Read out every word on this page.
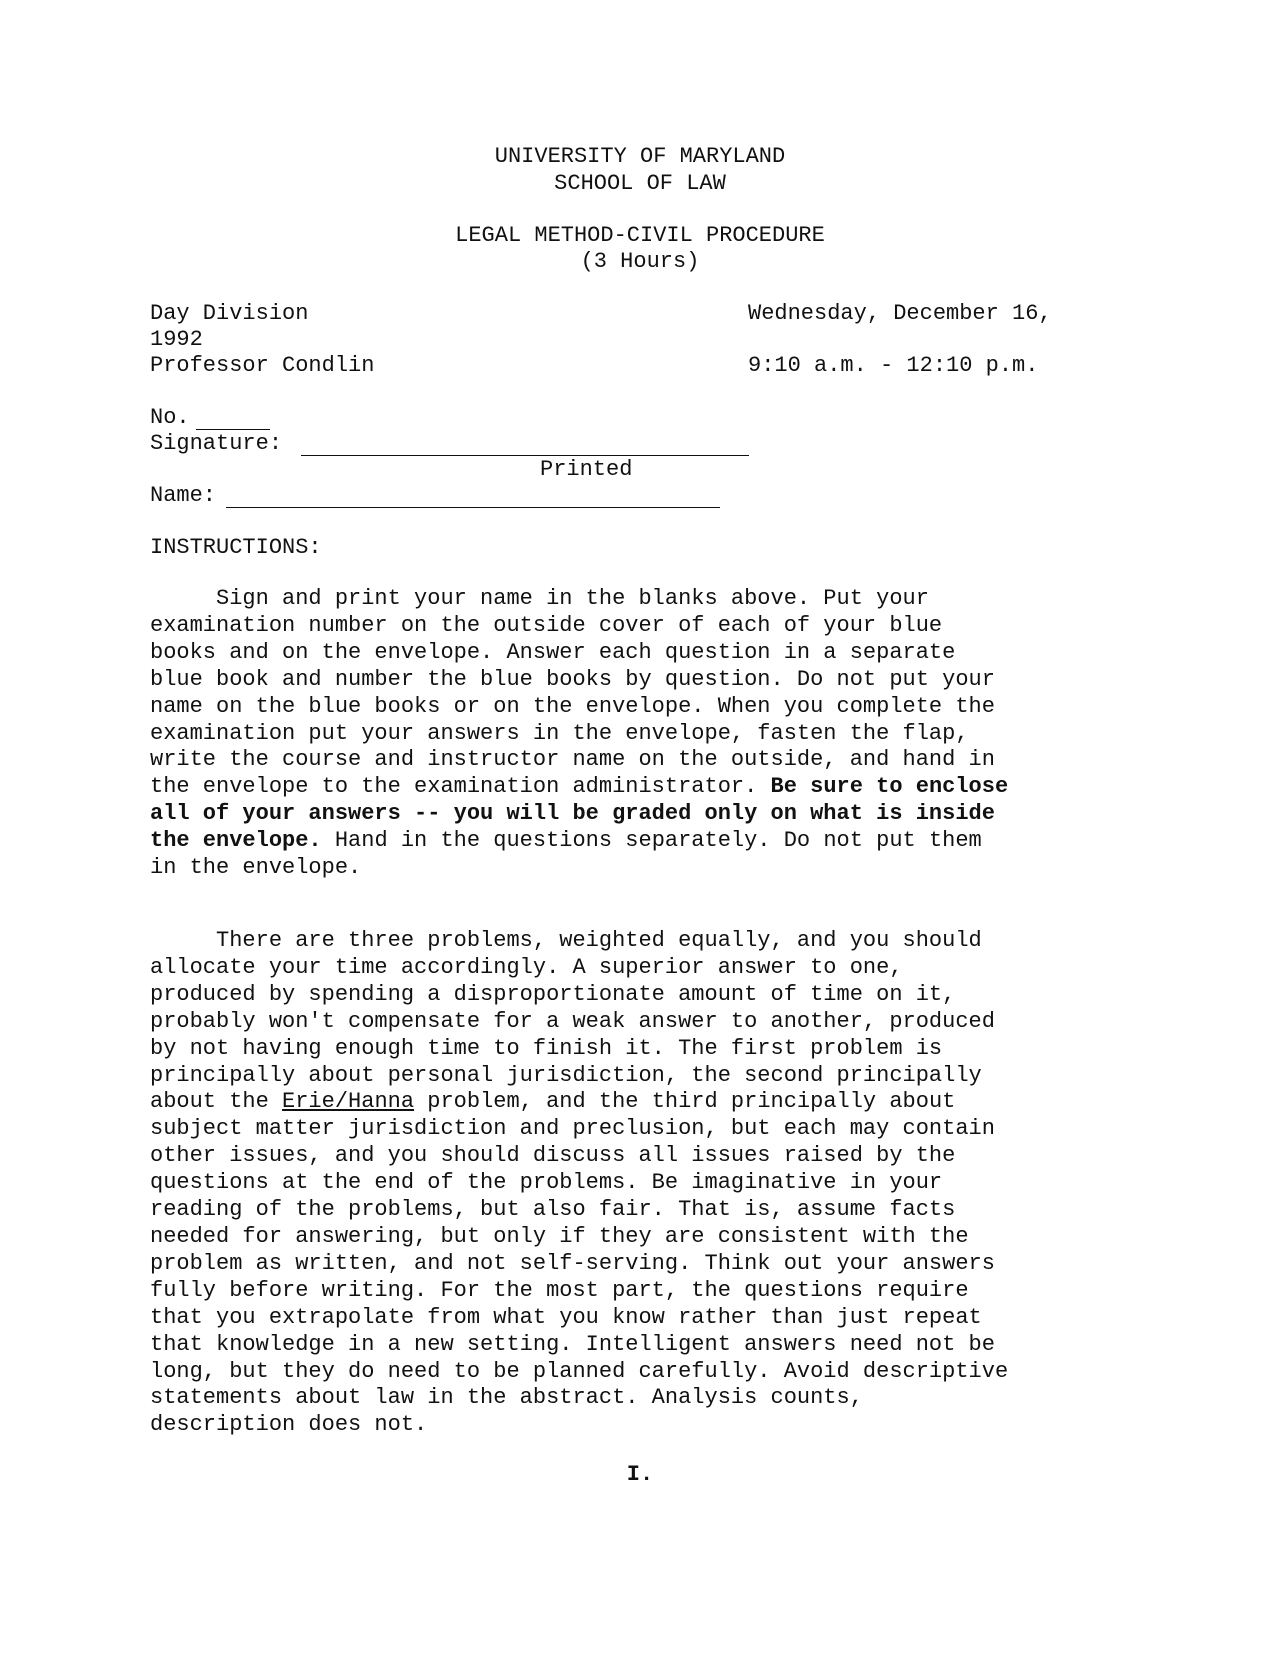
UNIVERSITY OF MARYLAND
SCHOOL OF LAW
LEGAL METHOD-CIVIL PROCEDURE
(3 Hours)
Day Division	Wednesday, December 16,
1992
Professor Condlin	9:10 a.m. - 12:10 p.m.
No.
Signature:
Printed
Name:
INSTRUCTIONS:
Sign and print your name in the blanks above. Put your
examination number on the outside cover of each of your blue
books and on the envelope. Answer each question in a separate
blue book and number the blue books by question. Do not put your
name on the blue books or on the envelope. When you complete the
examination put your answers in the envelope, fasten the flap,
write the course and instructor name on the outside, and hand in
the envelope to the examination administrator. Be sure to enclose
all of your answers -- you will be graded only on what is inside
the envelope. Hand in the questions separately. Do not put them
in the envelope.
There are three problems, weighted equally, and you should
allocate your time accordingly. A superior answer to one,
produced by spending a disproportionate amount of time on it,
probably won't compensate for a weak answer to another, produced
by not having enough time to finish it. The first problem is
principally about personal jurisdiction, the second principally
about the Erie/Hanna problem, and the third principally about
subject matter jurisdiction and preclusion, but each may contain
other issues, and you should discuss all issues raised by the
questions at the end of the problems. Be imaginative in your
reading of the problems, but also fair. That is, assume facts
needed for answering, but only if they are consistent with the
problem as written, and not self-serving. Think out your answers
fully before writing. For the most part, the questions require
that you extrapolate from what you know rather than just repeat
that knowledge in a new setting. Intelligent answers need not be
long, but they do need to be planned carefully. Avoid descriptive
statements about law in the abstract. Analysis counts,
description does not.
I.
